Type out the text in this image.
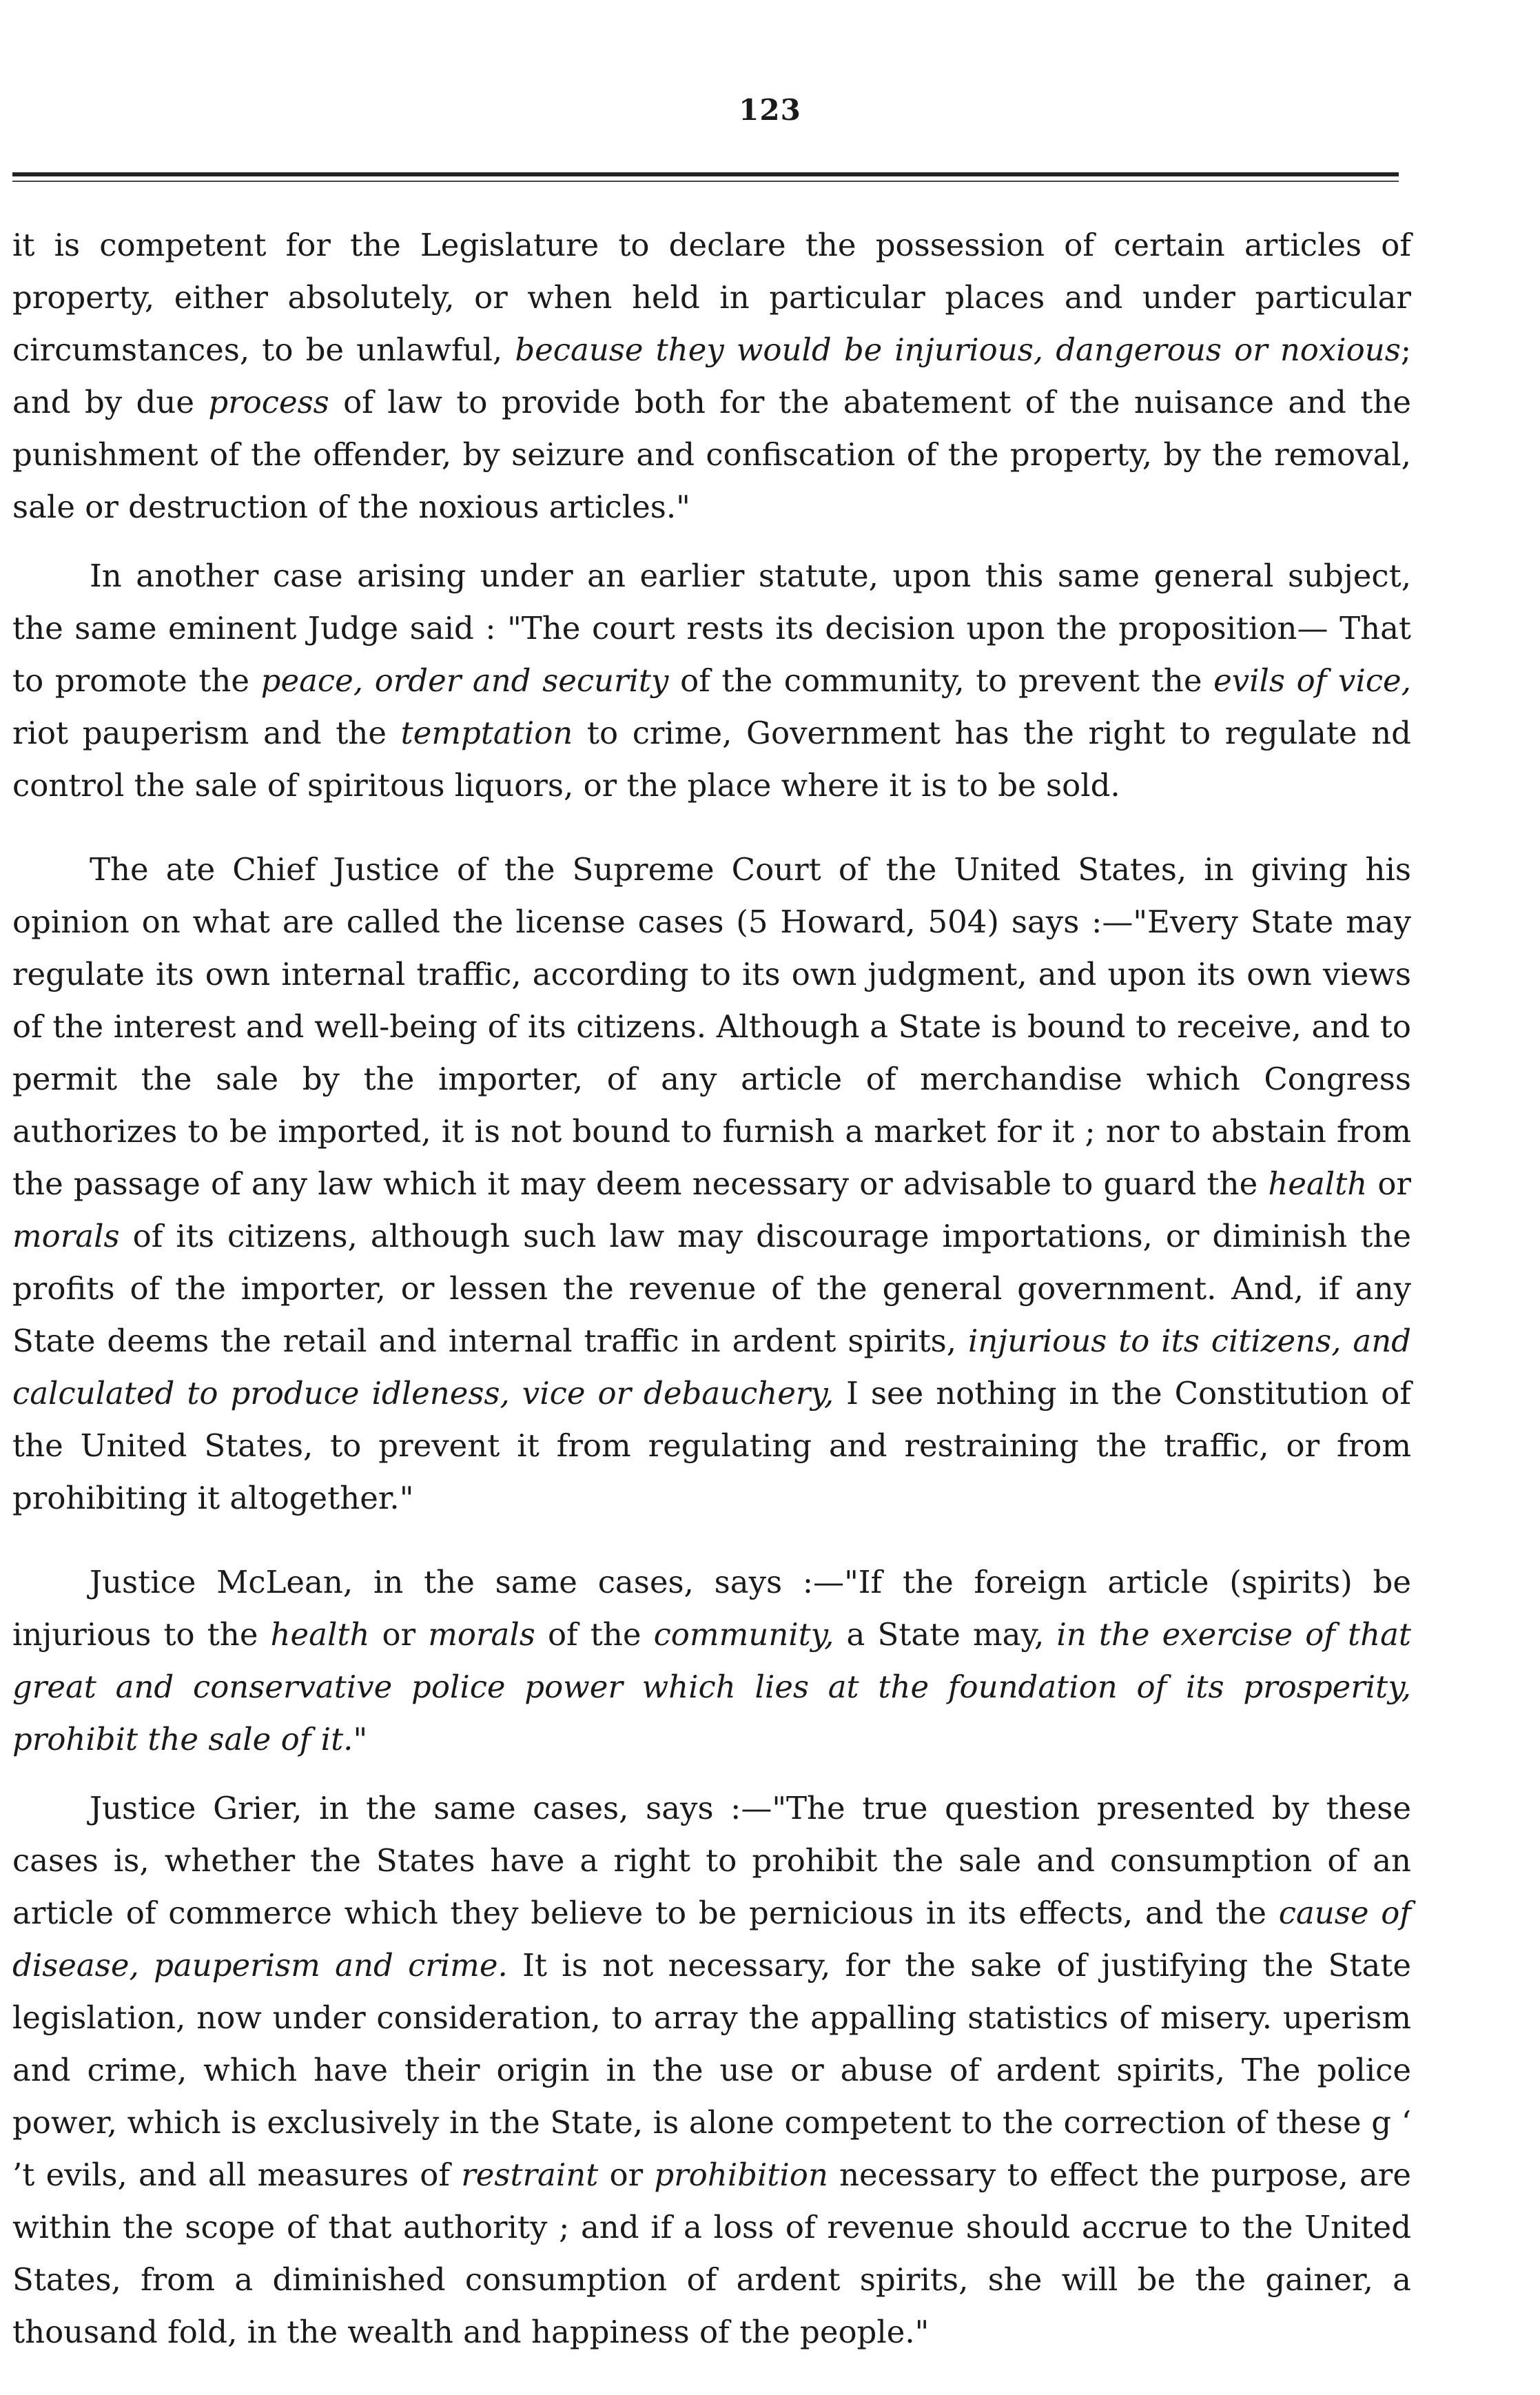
123

it is competent for the Legislature to declare the possession of certain articles of property, either absolutely, or when held in particular places and under particular circumstances, to be unlawful, because they would be injurious, dangerous or noxious; and by due process of law to provide both for the abatement of the nuisance and the punishment of the offender, by seizure and confiscation of the property, by the removal, sale or destruction of the noxious articles."

In another case arising under an earlier statute, upon this same general subject, the same eminent Judge said : "The court rests its decision upon the proposition— That to promote the peace, order and security of the community, to prevent the evils of vice, riot pauperism and the temptation to crime, Government has the right to regulate nd control the sale of spiritous liquors, or the place where it is to be sold.

The ate Chief Justice of the Supreme Court of the United States, in giving his opinion on what are called the license cases (5 Howard, 504) says :—"Every State may regulate its own internal traffic, according to its own judgment, and upon its own views of the interest and well-being of its citizens. Although a State is bound to receive, and to permit the sale by the importer, of any article of merchandise which Congress authorizes to be imported, it is not bound to furnish a market for it ; nor to abstain from the passage of any law which it may deem necessary or advisable to guard the health or morals of its citizens, although such law may discourage importations, or diminish the profits of the importer, or lessen the revenue of the general government. And, if any State deems the retail and internal traffic in ardent spirits, injurious to its citizens, and calculated to produce idleness, vice or debauchery, I see nothing in the Constitution of the United States, to prevent it from regulating and restraining the traffic, or from prohibiting it altogether."

Justice McLean, in the same cases, says :—"If the foreign article (spirits) be injurious to the health or morals of the community, a State may, in the exercise of that great and conservative police power which lies at the foundation of its prosperity, prohibit the sale of it."

Justice Grier, in the same cases, says :—"The true question presented by these cases is, whether the States have a right to prohibit the sale and consumption of an article of commerce which they believe to be pernicious in its effects, and the cause of disease, pauperism and crime. It is not necessary, for the sake of justifying the State legislation, now under consideration, to array the appalling statistics of misery. uperism and crime, which have their origin in the use or abuse of ardent spirits, The police power, which is exclusively in the State, is alone competent to the correction of these g ‘ ’t evils, and all measures of restraint or prohibition necessary to effect the purpose, are within the scope of that authority ; and if a loss of revenue should accrue to the United States, from a diminished consumption of ardent spirits, she will be the gainer, a thousand fold, in the wealth and happiness of the people."
